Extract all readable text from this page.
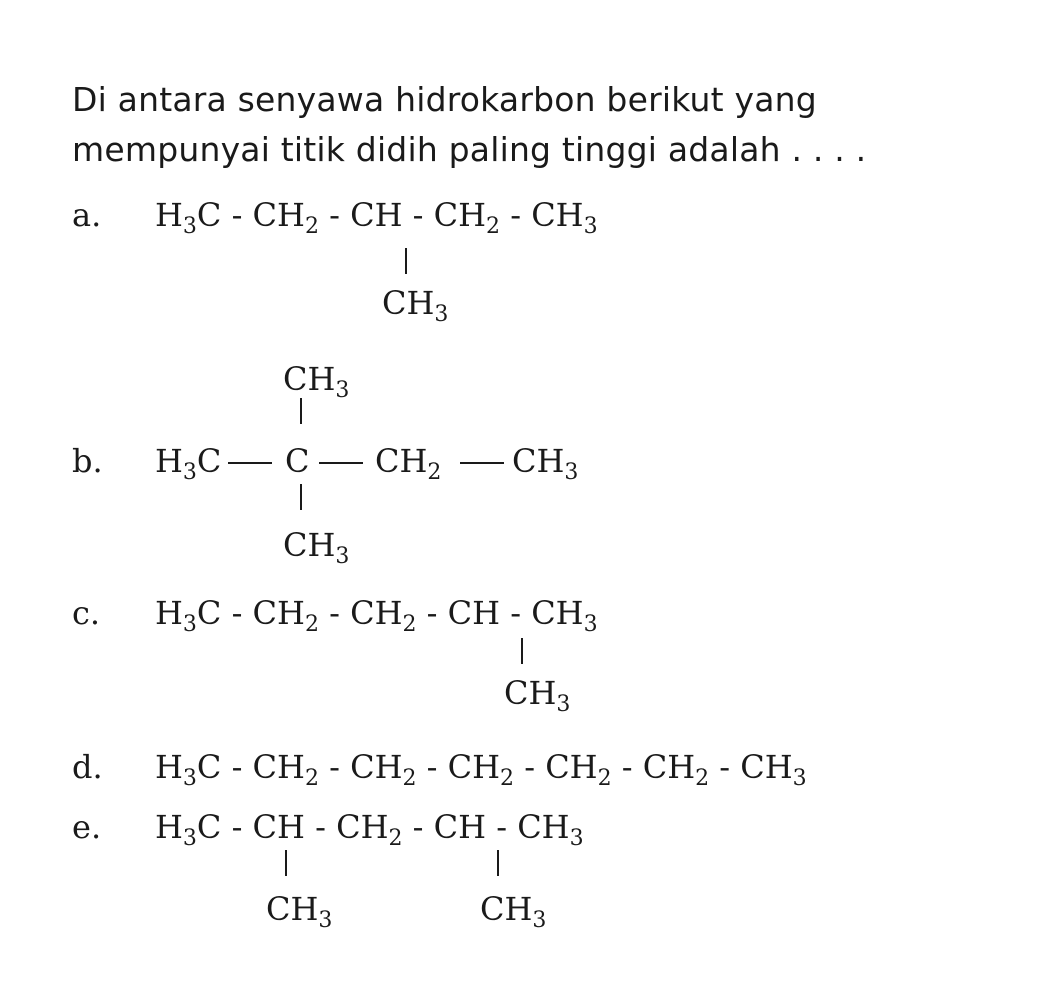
Di antara senyawa hidrokarbon berikut yang
mempunyai titik didih paling tinggi adalah . . . .
a. $H_3C - CH_2$ - CH - $CH_2 - CH_3$
$CH_3$
$CH_3$
b. $H_3C$ C $CH_2$ $CH_3$
$CH_3$
c. $H_3C - CH_2 - CH_2$ - CH - $CH_3$
$CH_3$
d. $H_3C - CH_2 - CH_2 - CH_2 - CH_2 - CH_2 - CH_3$
e. $H_3C$ - CH - $CH_2$ - CH - $CH_3$
$CH_3$	$CH_3$
